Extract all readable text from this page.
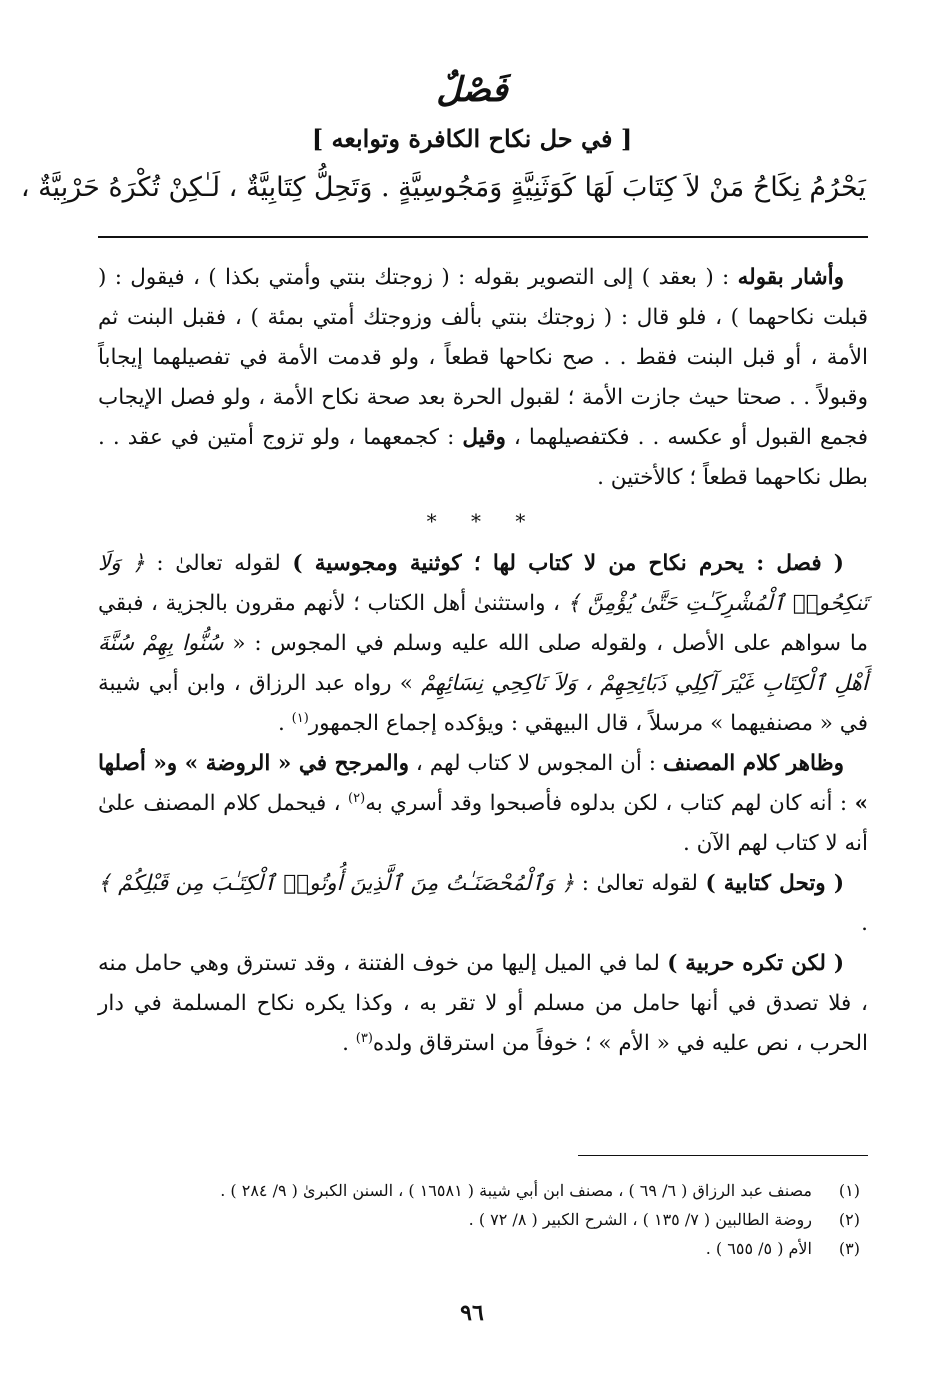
فَصْلٌ
[ في حل نكاح الكافرة وتوابعه ]
يَحْرُمُ نِكَاحُ مَنْ لاَ كِتَابَ لَهَا كَوَثَنِيَّةٍ وَمَجُوسِيَّةٍ . وَتَحِلُّ كِتَابِيَّةٌ ، لَـٰكِنْ تُكْرَهُ حَرْبِيَّةٌ ،

وأشار بقوله : ( بعقد ) إلى التصوير بقوله : ( زوجتك بنتي وأمتي بكذا ) ، فيقول : ( قبلت نكاحهما ) ، فلو قال : ( زوجتك بنتي بألف وزوجتك أمتي بمئة ) ، فقبل البنت ثم الأمة ، أو قبل البنت فقط . . صح نكاحها قطعاً ، ولو قدمت الأمة في تفصيلهما إيجاباً وقبولاً . . صحتا حيث جازت الأمة ؛ لقبول الحرة بعد صحة نكاح الأمة ، ولو فصل الإيجاب فجمع القبول أو عكسه . . فكتفصيلهما ، وقيل : كجمعهما ، ولو تزوج أمتين في عقد . . بطل نكاحهما قطعاً ؛ كالأختين .

* * *

( فصل : يحرم نكاح من لا كتاب لها ؛ كوثنية ومجوسية ) لقوله تعالىٰ : ﴿ وَلَا تَنكِحُوا۟ ٱلْمُشْرِكَـٰتِ حَتَّىٰ يُؤْمِنَّ ﴾ ، واستثنىٰ أهل الكتاب ؛ لأنهم مقرون بالجزية ، فبقي ما سواهم على الأصل ، ولقوله صلى الله عليه وسلم في المجوس : « سُنُّوا بِهِمْ سُنَّةَ أَهْلِ ٱلْكِتَابِ غَيْرَ آكِلِي ذَبَائِحِهِمْ ، وَلاَ نَاكِحِي نِسَائِهِمْ » رواه عبد الرزاق ، وابن أبي شيبة في « مصنفيهما » مرسلاً ، قال البيهقي : ويؤكده إجماع الجمهور$^{(١)}$ .

وظاهر كلام المصنف : أن المجوس لا كتاب لهم ، والمرجح في « الروضة » و« أصلها » : أنه كان لهم كتاب ، لكن بدلوه فأصبحوا وقد أسري به$^{(٢)}$ ، فيحمل كلام المصنف علىٰ أنه لا كتاب لهم الآن .

( وتحل كتابية ) لقوله تعالىٰ : ﴿ وَٱلْمُحْصَنَـٰتُ مِنَ ٱلَّذِينَ أُوتُوا۟ ٱلْكِتَـٰبَ مِن قَبْلِكُمْ ﴾ .

( لكن تكره حربية ) لما في الميل إليها من خوف الفتنة ، وقد تسترق وهي حامل منه ، فلا تصدق في أنها حامل من مسلم أو لا تقر به ، وكذا يكره نكاح المسلمة في دار الحرب ، نص عليه في « الأم » ؛ خوفاً من استرقاق ولده$^{(٣)}$ .

(١)مصنف عبد الرزاق ( ٦/ ٦٩ ) ، مصنف ابن أبي شيبة ( ١٦٥٨١ ) ، السنن الكبرىٰ ( ٩/ ٢٨٤ ) .
(٢)روضة الطالبين ( ٧/ ١٣٥ ) ، الشرح الكبير ( ٨/ ٧٢ ) .
(٣)الأم ( ٥/ ٦٥٥ ) .
٩٦
